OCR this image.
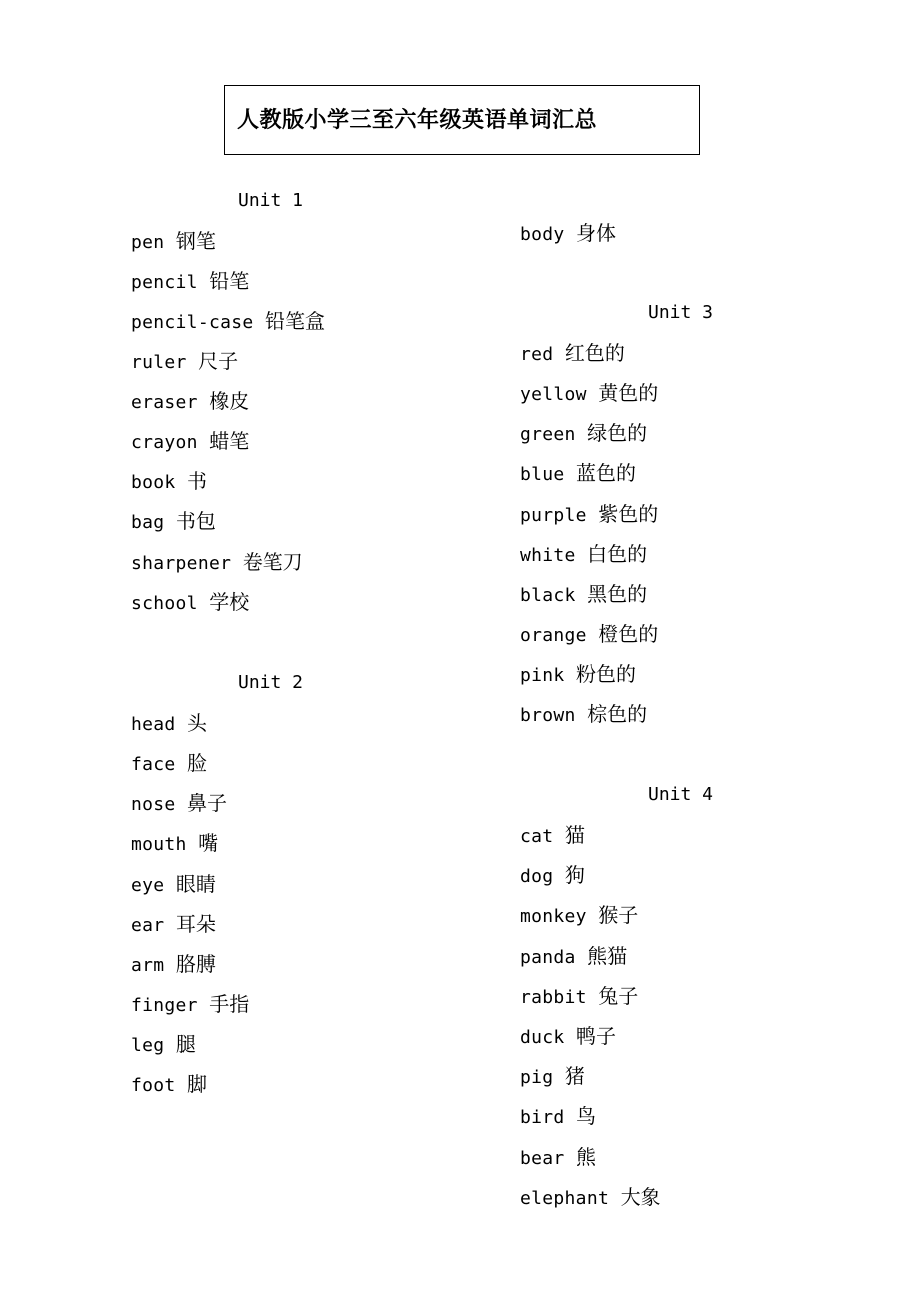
人教版小学三至六年级英语单词汇总
Unit 1
pen 钢笔
pencil 铅笔
pencil-case 铅笔盒
ruler 尺子
eraser 橡皮
crayon 蜡笔
book 书
bag 书包
sharpener 卷笔刀
school 学校
Unit 2
head 头
face 脸
nose 鼻子
mouth 嘴
eye 眼睛
ear 耳朵
arm 胳膊
finger 手指
leg 腿
foot 脚
body 身体
Unit 3
red 红色的
yellow 黄色的
green 绿色的
blue 蓝色的
purple 紫色的
white 白色的
black 黑色的
orange 橙色的
pink 粉色的
brown 棕色的
Unit 4
cat 猫
dog 狗
monkey 猴子
panda 熊猫
rabbit 兔子
duck 鸭子
pig 猪
bird 鸟
bear 熊
elephant 大象
